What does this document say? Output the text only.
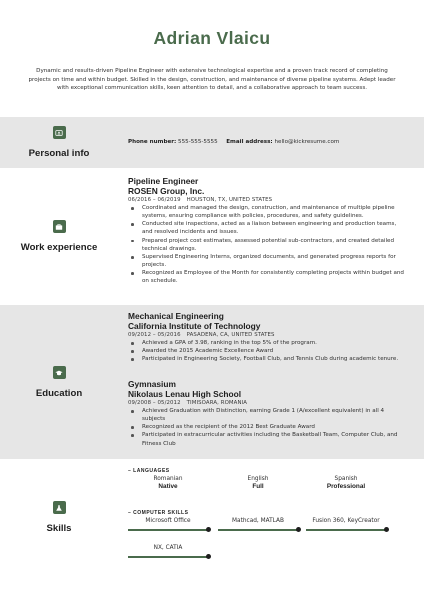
Adrian Vlaicu
Dynamic and results-driven Pipeline Engineer with extensive technological expertise and a proven track record of completing projects on time and within budget. Skilled in the design, construction, and maintenance of diverse pipeline systems. Adept leader with exceptional communication skills, keen attention to detail, and a collaborative approach to team success.
Personal info
Phone number: 555-555-5555 Email address: hello@kickresume.com
Work experience
Pipeline Engineer
ROSEN Group, Inc.
06/2016 – 06/2019 HOUSTON, TX, UNITED STATES
Coordinated and managed the design, construction, and maintenance of multiple pipeline systems, ensuring compliance with policies, procedures, and safety guidelines.
Conducted site inspections, acted as a liaison between engineering and production teams, and resolved incidents and issues.
Prepared project cost estimates, assessed potential sub-contractors, and created detailed technical drawings.
Supervised Engineering Interns, organized documents, and generated progress reports for projects.
Recognized as Employee of the Month for consistently completing projects within budget and on schedule.
Education
Mechanical Engineering
California Institute of Technology
09/2012 – 05/2016 PASADENA, CA, UNITED STATES
Achieved a GPA of 3.98, ranking in the top 5% of the program.
Awarded the 2015 Academic Excellence Award
Participated in Engineering Society, Football Club, and Tennis Club during academic tenure.
Gymnasium
Nikolaus Lenau High School
09/2008 – 05/2012 TIMISOARA, ROMANIA
Achieved Graduation with Distinction, earning Grade 1 (A/excellent equivalent) in all 4 subjects
Recognized as the recipient of the 2012 Best Graduate Award
Participated in extracurricular activities including the Basketball Team, Computer Club, and Fitness Club
Skills
– LANGUAGES
Romanian
Native
English
Full
Spanish
Professional
– COMPUTER SKILLS
Microsoft Office	Mathcad, MATLAB	Fusion 360, KeyCreator
NX, CATIA
